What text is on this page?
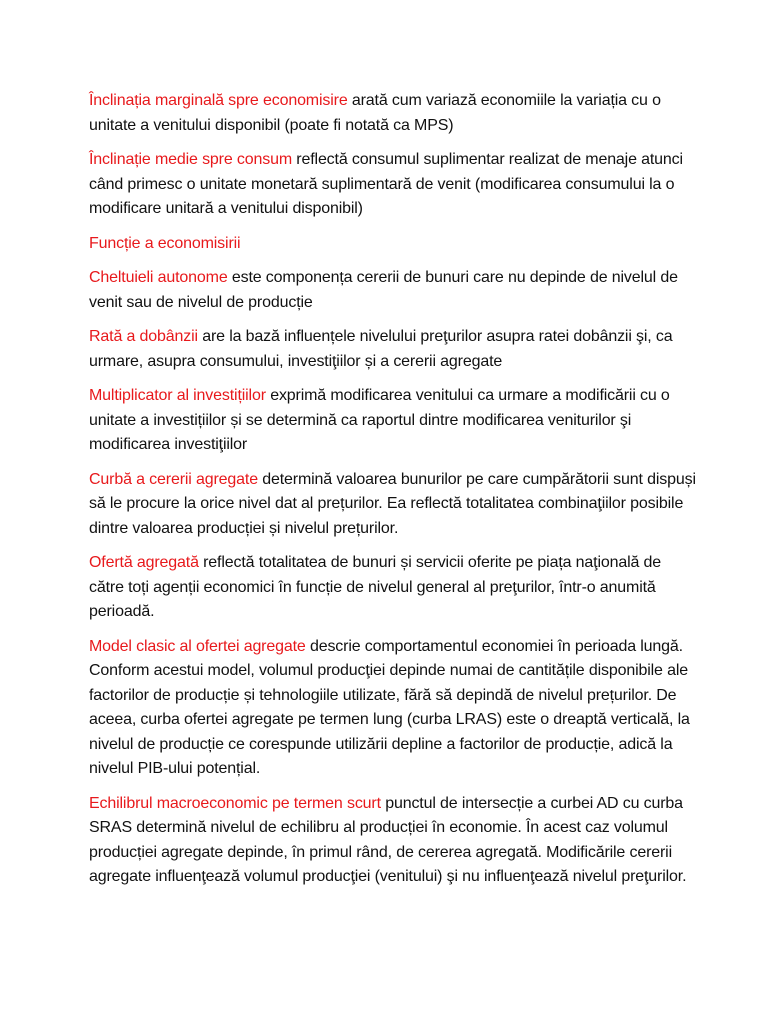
Înclinația marginală spre economisire arată cum variază economiile la variația cu o unitate a venitului disponibil (poate fi notată ca MPS)

Înclinație medie spre consum reflectă consumul suplimentar realizat de menaje atunci când primesc o unitate monetară suplimentară de venit (modificarea consumului la o modificare unitară a venitului disponibil)

Funcție a economisirii

Cheltuieli autonome este componența cererii de bunuri care nu depinde de nivelul de venit sau de nivelul de producție

Rată a dobânzii are la bază influențele nivelului preţurilor asupra ratei dobânzii şi, ca urmare, asupra consumului, investiţiilor și a cererii agregate

Multiplicator al investițiilor exprimă modificarea venitului ca urmare a modificării cu o unitate a investițiilor și se determină ca raportul dintre modificarea veniturilor şi modificarea investiţiilor

Curbă a cererii agregate determină valoarea bunurilor pe care cumpărătorii sunt dispuși să le procure la orice nivel dat al prețurilor. Ea reflectă totalitatea combinaţiilor posibile dintre valoarea producției și nivelul prețurilor.

Ofertă agregată reflectă totalitatea de bunuri și servicii oferite pe piața naţională de către toți agenții economici în funcție de nivelul general al preţurilor, într-o anumită perioadă.

Model clasic al ofertei agregate descrie comportamentul economiei în perioada lungă. Conform acestui model, volumul producţiei depinde numai de cantitățile disponibile ale factorilor de producție și tehnologiile utilizate, fără să depindă de nivelul prețurilor. De aceea, curba ofertei agregate pe termen lung (curba LRAS) este o dreaptă verticală, la nivelul de producție ce corespunde utilizării depline a factorilor de producție, adică la nivelul PIB-ului potențial.

Echilibrul macroeconomic pe termen scurt punctul de intersecție a curbei AD cu curba SRAS determină nivelul de echilibru al producției în economie. În acest caz volumul producției agregate depinde, în primul rând, de cererea agregată. Modificările cererii agregate influenţează volumul producţiei (venitului) şi nu influenţează nivelul preţurilor.
